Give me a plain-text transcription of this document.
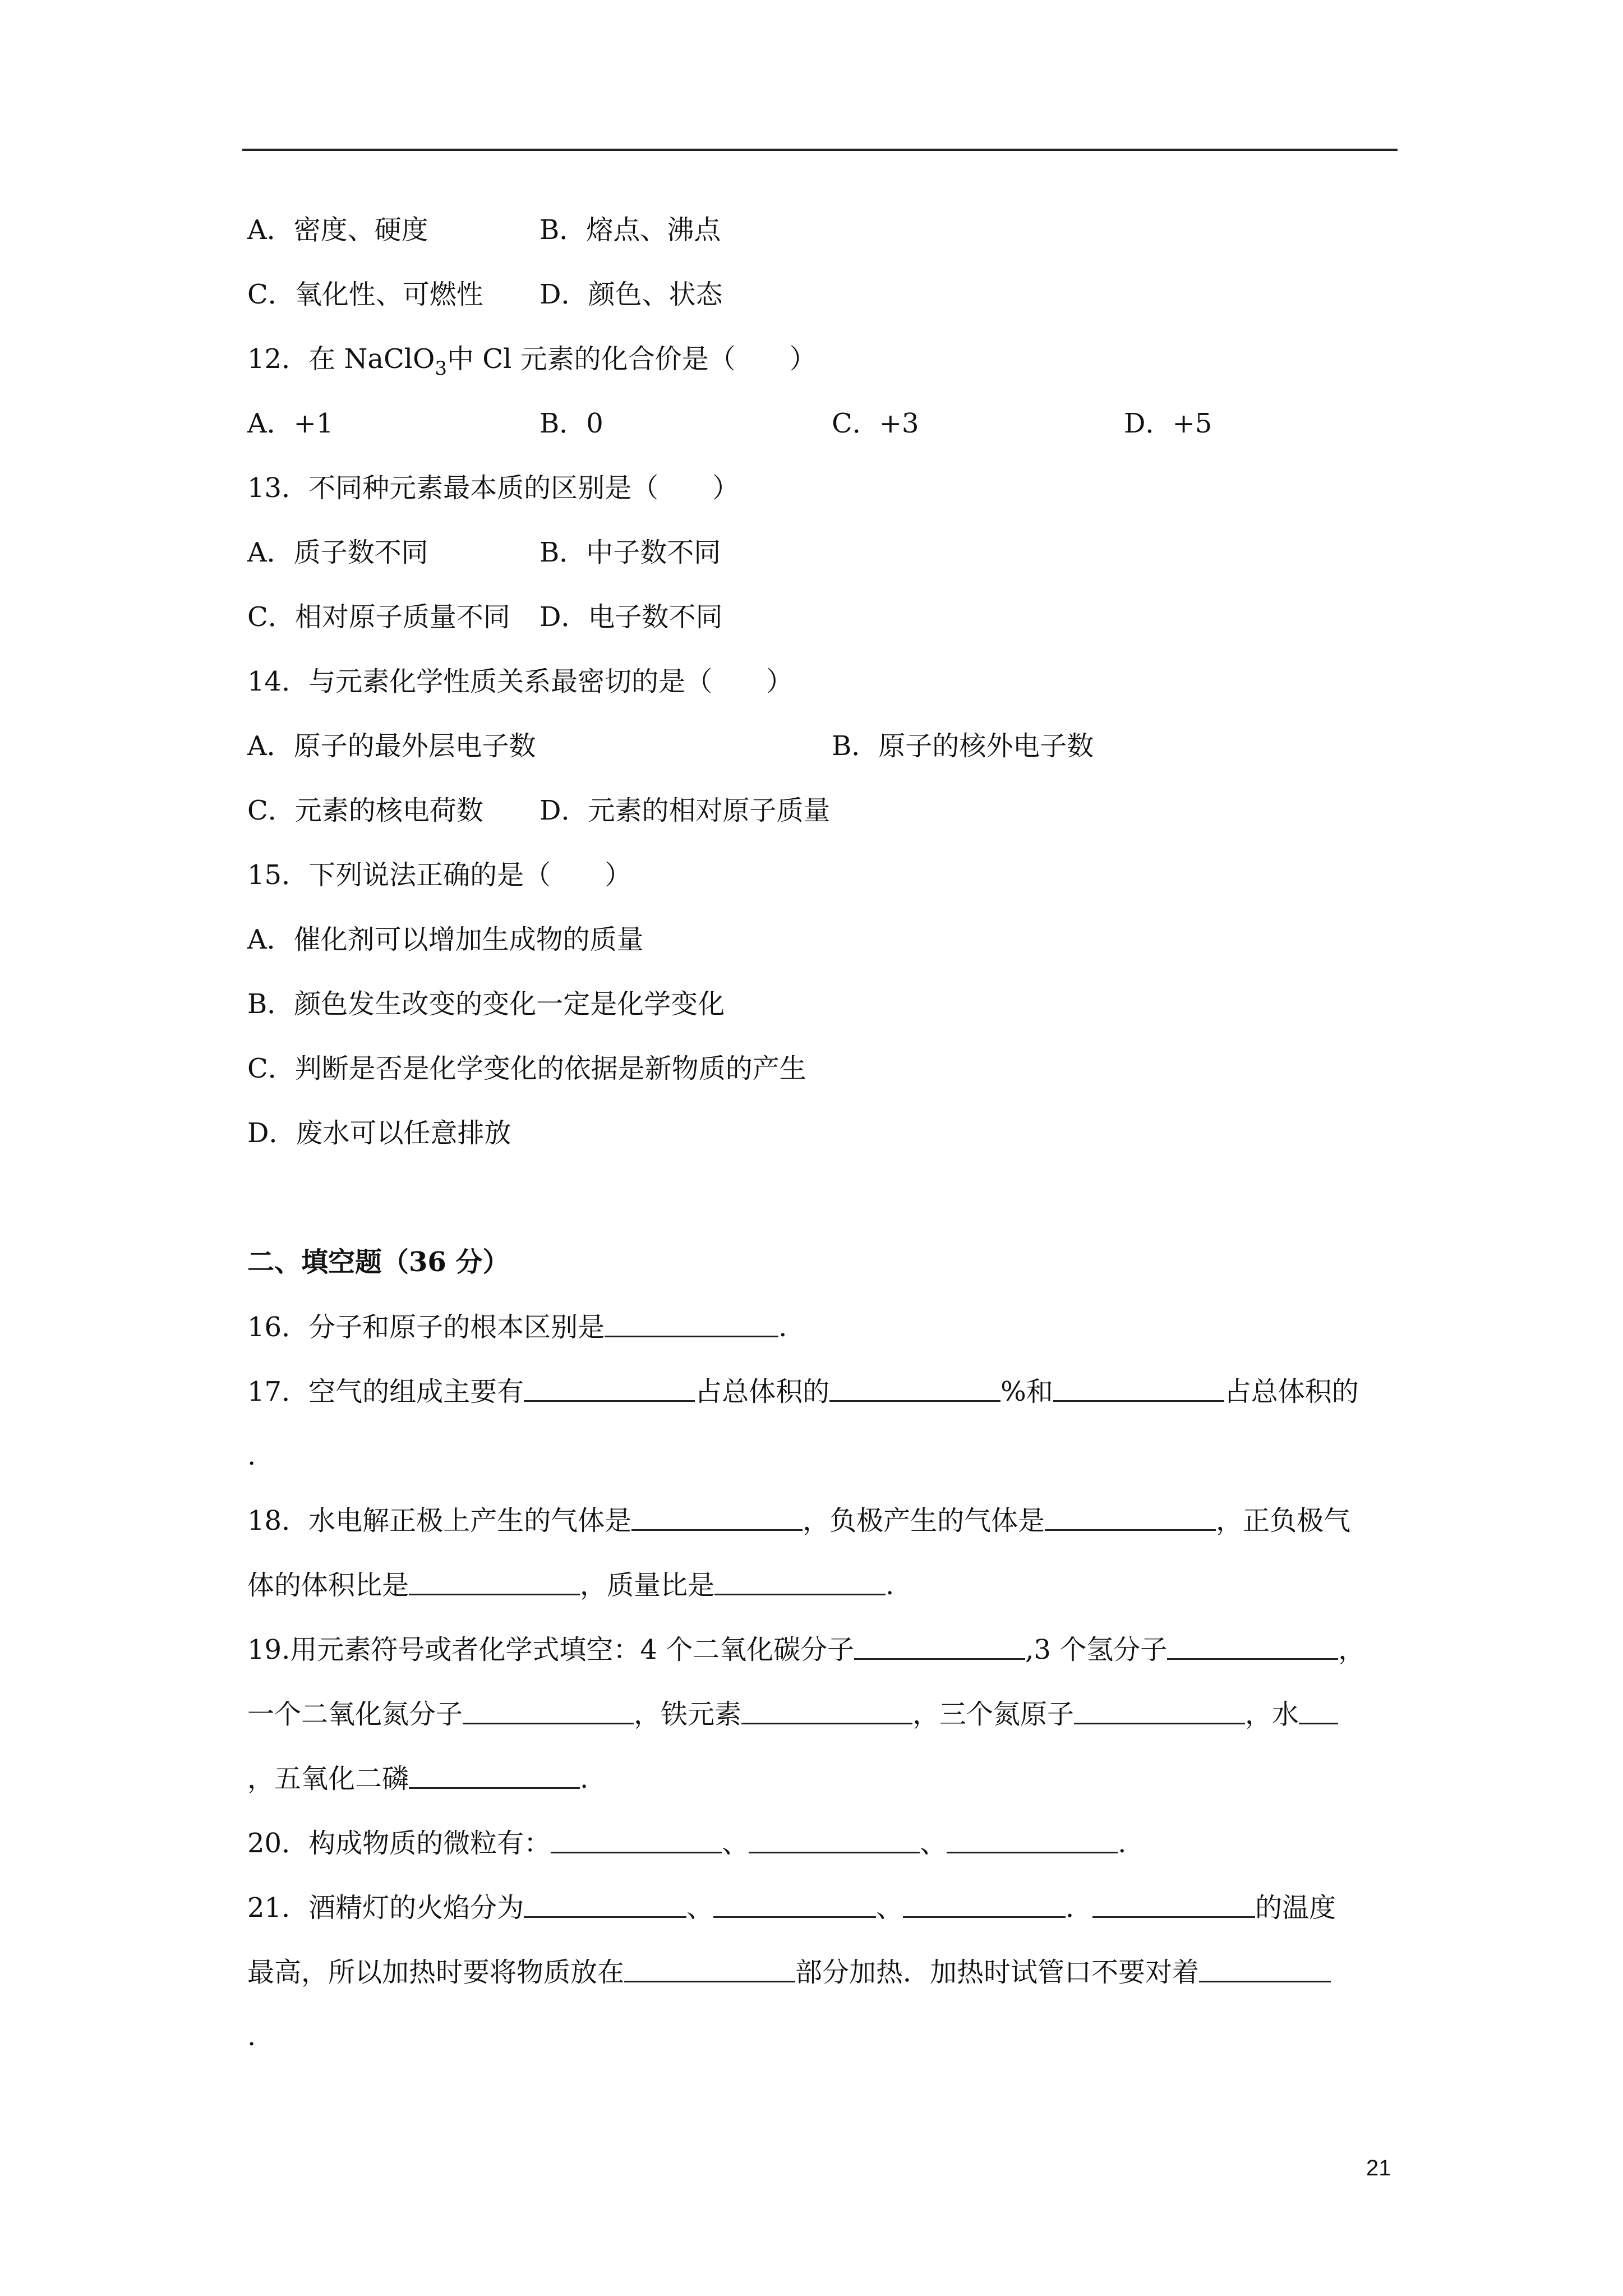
A．密度、硬度	B．熔点、沸点
C．氧化性、可燃性 D．颜色、状态
12．在 NaClO$_3$中 Cl 元素的化合价是（　　）
A．+1	B．0	C．+3	D．+5
13．不同种元素最本质的区别是（　　）
A．质子数不同	B．中子数不同
C．相对原子质量不同 D．电子数不同
14．与元素化学性质关系最密切的是（　　）
A．原子的最外层电子数	B．原子的核外电子数
C．元素的核电荷数 D．元素的相对原子质量
15．下列说法正确的是（　　）
A．催化剂可以增加生成物的质量
B．颜色发生改变的变化一定是化学变化
C．判断是否是化学变化的依据是新物质的产生
D．废水可以任意排放
二、填空题（36 分）
16．分子和原子的根本区别是	.
17．空气的组成主要有	占总体积的	%和	占总体积的
.
18．水电解正极上产生的气体是	，负极产生的气体是	，正负极气
体的体积比是	，质量比是	.
19.用元素符号或者化学式填空：4 个二氧化碳分子	,3 个氢分子	，
一个二氧化氮分子	，铁元素	，三个氮原子	，水
，五氧化二磷	.
20．构成物质的微粒有：	、	、	.
21．酒精灯的火焰分为	、	、	．	的温度
最高，所以加热时要将物质放在	部分加热．加热时试管口不要对着
.
21
